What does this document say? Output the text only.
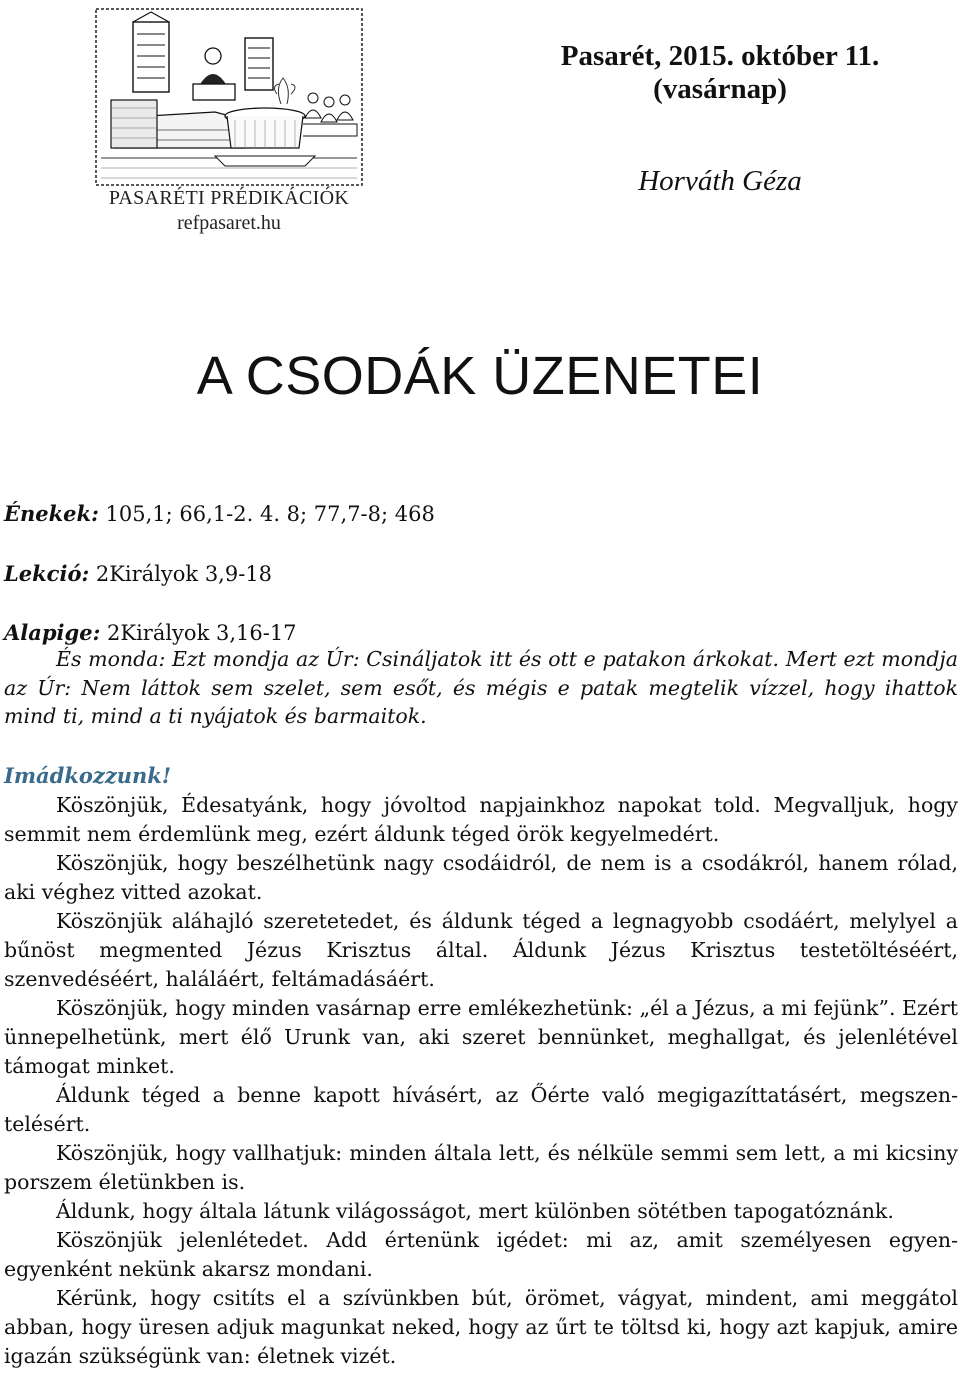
PASARÉTI PRÉDIKÁCIÓK
refpasaret.hu
Pasarét, 2015. október 11.
(vasárnap)
Horváth Géza
A CSODÁK ÜZENETEI
Énekek: 105,1; 66,1-2. 4. 8; 77,7-8; 468
Lekció: 2Királyok 3,9-18
Alapige: 2Királyok 3,16-17
És monda: Ezt mondja az Úr: Csináljatok itt és ott e patakon árkokat. Mert ezt mondja az Úr: Nem láttok sem szelet, sem esőt, és mégis e patak megtelik vízzel, hogy ihattok mind ti, mind a ti nyájatok és barmaitok.
Imádkozzunk!

Köszönjük, Édesatyánk, hogy jóvoltod napjainkhoz napokat told. Megvalljuk, hogy semmit nem érdemlünk meg, ezért áldunk téged örök kegyelmedért.

Köszönjük, hogy beszélhetünk nagy csodáidról, de nem is a csodákról, hanem rólad, aki véghez vitted azokat.

Köszönjük aláhajló szeretetedet, és áldunk téged a legnagyobb csodáért, melylyel a bűnöst megmented Jézus Krisztus által. Áldunk Jézus Krisztus testetöltéséért, szenvedéséért, haláláért, feltámadásáért.

Köszönjük, hogy minden vasárnap erre emlékezhetünk: „él a Jézus, a mi fejünk”. Ezért ünnepelhetünk, mert élő Urunk van, aki szeret bennünket, meghallgat, és jelenlétével támogat minket.

Áldunk téged a benne kapott hívásért, az Őérte való megigazíttatásért, megszentelésért.

Köszönjük, hogy vallhatjuk: minden általa lett, és nélküle semmi sem lett, a mi kicsiny porszem életünkben is.

Áldunk, hogy általa látunk világosságot, mert különben sötétben tapogatóznánk.

Köszönjük jelenlétedet. Add értenünk igédet: mi az, amit személyesen egyenegyenként nekünk akarsz mondani.

Kérünk, hogy csitíts el a szívünkben bút, örömet, vágyat, mindent, ami meggátol abban, hogy üresen adjuk magunkat neked, hogy az űrt te töltsd ki, hogy azt kapjuk, amire igazán szükségünk van: életnek vizét.
